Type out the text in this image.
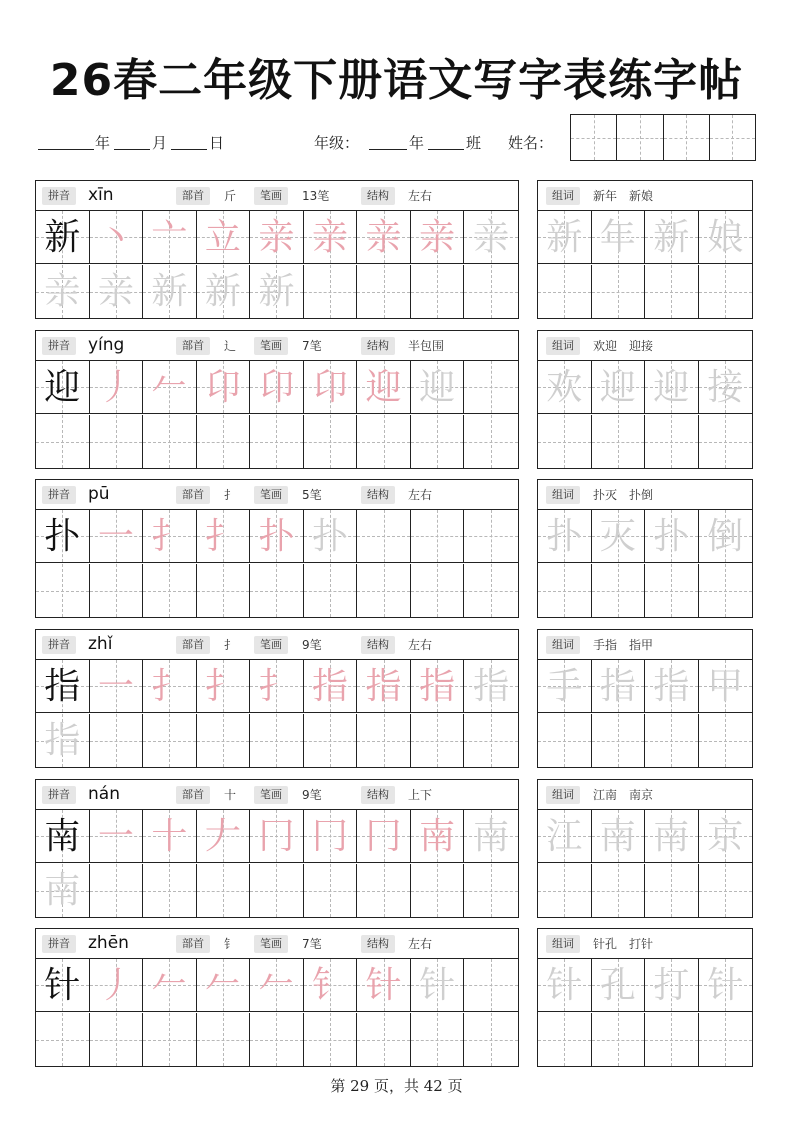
26春二年级下册语文写字表练字帖
年	月	日	年级：	年	班 姓名：
拼音	xīn	部首	斤	笔画	13笔	结构	左右
新 丶 亠 立 亲 亲 亲 亲 亲
亲 亲 新 新 新
组词	新年　新娘
新 年 新 娘
拼音	yíng	部首	辶	笔画	7笔	结构	半包围
迎 丿 𠂉 卬 卬 卬 迎 迎
组词	欢迎　迎接
欢 迎 迎 接
拼音	pū	部首	扌	笔画	5笔	结构	左右
扑 一 扌 扌 扑 扑
组词	扑灭　扑倒
扑 灭 扑 倒
拼音	zhǐ	部首	扌	笔画	9笔	结构	左右
指 一 扌 扌 扌 指 指 指 指
指
组词	手指　指甲
手 指 指 甲
拼音	nán	部首	十	笔画	9笔	结构	上下
南 一 十 𠂇 冂 冂 冂 南 南
南
组词	江南　南京
江 南 南 京
拼音	zhēn	部首	钅	笔画	7笔	结构	左右
针 丿 𠂉 𠂉 𠂉 钅 针 针
组词	针孔　打针
针 孔 打 针
第 29 页，共 42 页
